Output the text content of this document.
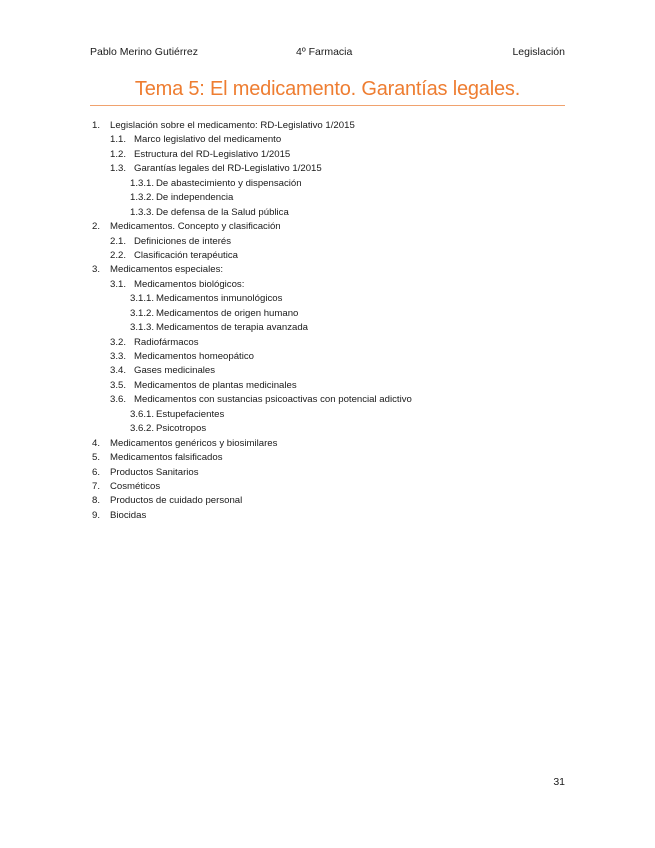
Pablo Merino Gutiérrez	4º Farmacia	Legislación
Tema 5: El medicamento. Garantías legales.
1. Legislación sobre el medicamento: RD-Legislativo 1/2015
1.1. Marco legislativo del medicamento
1.2. Estructura del RD-Legislativo 1/2015
1.3. Garantías legales del RD-Legislativo 1/2015
1.3.1. De abastecimiento y dispensación
1.3.2. De independencia
1.3.3. De defensa de la Salud pública
2. Medicamentos. Concepto y clasificación
2.1. Definiciones de interés
2.2. Clasificación terapéutica
3. Medicamentos especiales:
3.1. Medicamentos biológicos:
3.1.1. Medicamentos inmunológicos
3.1.2. Medicamentos de origen humano
3.1.3. Medicamentos de terapia avanzada
3.2. Radiofármacos
3.3. Medicamentos homeopático
3.4. Gases medicinales
3.5. Medicamentos de plantas medicinales
3.6. Medicamentos con sustancias psicoactivas con potencial adictivo
3.6.1. Estupefacientes
3.6.2. Psicotropos
4. Medicamentos genéricos y biosimilares
5. Medicamentos falsificados
6. Productos Sanitarios
7. Cosméticos
8. Productos de cuidado personal
9. Biocidas
31
